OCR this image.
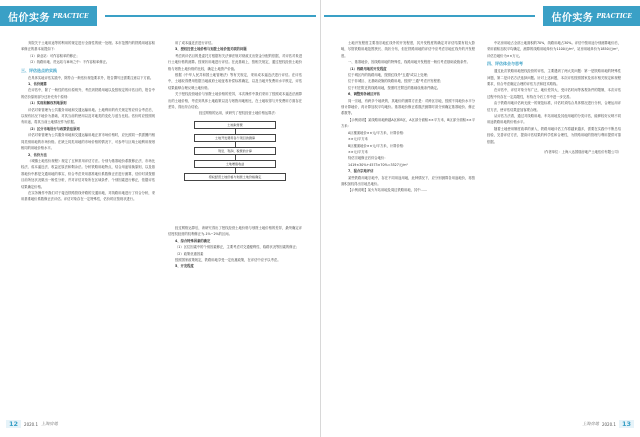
估价实务 PRACTICE

务院关于土地用途等的利用的规定进行全面性的统一处理。本市范围内的铁路用地容积率修正的基本前提如下：

（1）商业站：可作容积率的修正；

（2）线路用地、货运站与車场之中：不作容积率修正。

三、评估选点的实践

在具体实地评估实践中，除符合一般估价规范要求外，报告撰写还需要注意以下方面。

1、估价测算

在评估中，除了一般性的估价原则外，考虑到铁路用地以及按规定的评估目的，报告中的估价原则部分还补充有个原则：

（1）实现和解权利地原则

评估对象管理为公共服务用地和交通运输用地。土地利用的有关规定等应综合考虑后，以现有状况下地价为基础，对其当前的使用以及对地类的变化与适当比较。估价时应按照现有用途，将其当前土地情况作为依据。

（2）区分市地设行与政策依法原则

评估对象管理为公共服务用地和交通运输用地正常市场价格时，应比照同一供需圈内相同类别用地的市场价格。在缺乏同类用地的市场价格的情况下，可参考与区域土地利用规划相同的用地价格水平。

2、估价方法

《城镇土地估价规程》规定了五种常用评估方法。分别为基准地价系数修正法、市场比较法、成本逼近法、收益还原法和剩余法。分析铁路用地特点，结合用途转换原则，以及基准地价中都是交通用地的事实，综合考虑采用基准地价系数修正法进行测算，估价时须按照目前所处状况做出一般性分析，并对评估对象所在区域条件、个别因素进行修正，依据评估结果确定价格。

在实务操作中我们对于接近铁路管线旁路的交通用地，对线路用地进行了综合分析，采用基准地价系数修正法评估。评估对象存在一定特殊性，估价时应按现状进行。

用了成本逼近法进行评估。

3、授权经营土地价格与划拨土地价值关联的问题

考虑到评估目的是委托方根据有关法律法规对财政支出资金分配的依据，对评估对象进行土地价格的测算。按现状用地进行评估。在此基础上，按相关规定，通过授权经营土地价格与划拨土地价格的比较，确定土地资产价值。

根据《中华人民共和国土地管理法》等有关规定，采用成本逼近法进行评估。在评估中，土地取得费用依据当地政府土地征收补偿标准确定，以及当地开发费用水平核定，评估结果能够合理反映土地价格。

关于授权经营地价与划拨土地价格的差异，本次操作中我们采用了按照成本逼近法测算出的土地价格，考虑到具体土地政策以及与划拨用地相比，在土地取得与开发费用方面存在差异，得出综合结论。

经过网格的运用，该研究了授权经营土地价格运算法：

土地取得费
土地开发费用各个项目的测算
利息、利润、税费的计算
土地增值收益
授权经营土地价格与划拨土地价格确定

经过网格运算后，该研究得出了授权经营土地价格与划拨土地价格的差异，最终确定评估授权经营的权利修正为-1%~2%的区间。

4、综合特殊因素的确定

（1）区位因素中的个别因素修正，主要考虑对交通便利性、临路状况等因素的修正；

（2）政策优惠因素

按照国家政策规定，铁路用地享受一定优惠政策，在评估中应予以考虑。

5、开发程度

12	2020.1 上海房地
估价实务 PRACTICE

土地开发程度主要指宗地红线外的开发程度，其开发程度的确定对评估结果有较大影响，尽管铁路用地范围狭长、线状分布，但在铁路用地的评估中应考虑宗地红线外的开发程度。

一、基准地价，因线路用地的特殊性，线路用地开发程度一般仅考虑基础设施条件。

（1）线路用地的开发程度

位于城区内的线路用地，按照红线外"五通"或以上处理；

位于非城区、无基础设施的线路用地，按照"三通"考虑开发程度；

位于村庄附近的线路用地，按照村庄附近的基础设施条件确定。

6、调整到各城区评估

同一宗地，有跨多个地块的，其地价的测算方法是：对跨区宗地，按照不同地价水平分别计算地价，再计算加权平均地价。基准地价修正系数法测算时须分别确定基准地价、修正系数等。

【示例说明】某线路用地跨越A区和B区，A区部分面积××平方米，B区部分面积××平方米：

A区楼面地价××元/平方米，计算价格：

××元/平方米

B区楼面地价××元/平方米，计算价格：

××元/平方米

待估宗地修正后综合地价：

1419×30%+4573×70%=3527元/m²

7、混合宗地评估

某些铁路用地宗地中，存在不同用途用地，此种情况下，应分别测算各用途地价，再按面积加权得出宗地总地价。

【示例说明】某火车站用地及周边铁路用地，其中……

中站房用地占全部土地面积的70%，线路用地占30%。评估中按用途分别测算地价后，采用面积加权平均确定，测算的线路用地单价为1100元/m²，站房用地单价为1850元/m²，评估总地价为××万元。

四、评估体会与思考

通过此次铁路用地授权经营的评估，主要遇到了两大类问题：第一是铁路用地的特殊性问题，第二是评估方法选择问题。针对上述问题，本次评估按照国家及省市相关规定和规程要求，综合考虑确定合理的评估方法和技术路线。

在评估中，评估对象分布广泛，地价差异大，受评估时间等客观条件的限制，本次评估过程中仍存在一定局限性，有待在今后工作中进一步完善。

由于铁路用地评估尚无统一的规范标准，评估时须结合具体情况进行分析，合理运用评估方法，使评估结果更加客观合理。

从评估方法看，通过对线路用地、车站用地及其他用地的分类评估，能够较好反映不同用途铁路用地的价格水平。

随着土地使用制度改革的深入，铁路用地评估工作将越来越多，需要在实践中不断总结经验，完善评估方法，提高评估结果的科学性和合理性，为铁路用地的管理与利用提供可靠依据。

（作者单位：上海八达国瑞房地产土地估价有限公司）

上海房地 2020.1 13
